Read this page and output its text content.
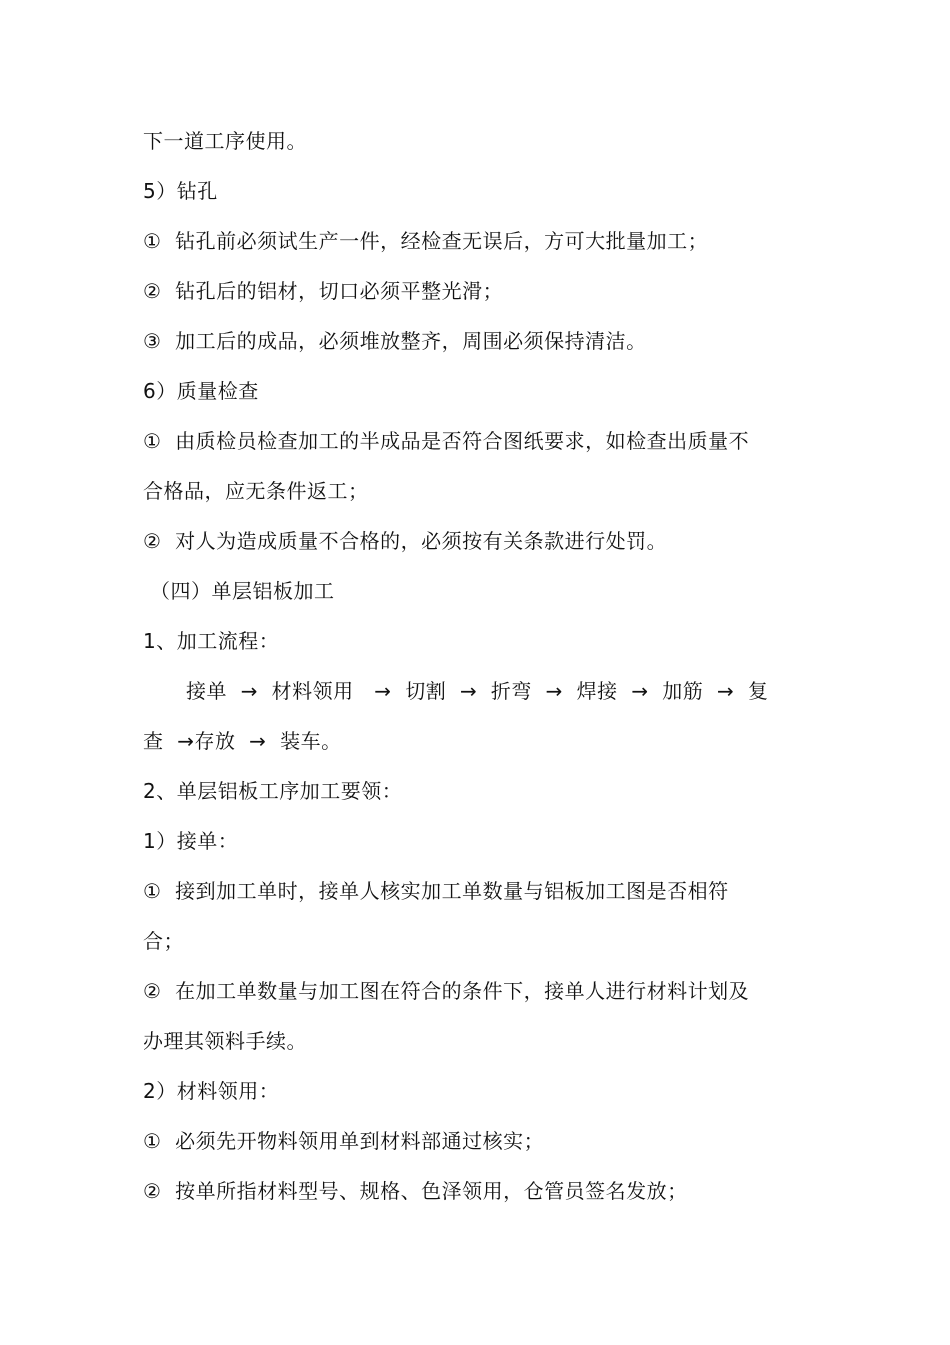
下一道工序使用。
5）钻孔
①  钻孔前必须试生产一件，经检查无误后，方可大批量加工；
②  钻孔后的铝材，切口必须平整光滑；
③  加工后的成品，必须堆放整齐，周围必须保持清洁。
6）质量检查
①  由质检员检查加工的半成品是否符合图纸要求，如检查出质量不
合格品，应无条件返工；
②  对人为造成质量不合格的，必须按有关条款进行处罚。
（四）单层铝板加工
1、加工流程：
接单  →  材料领用   →  切割  →  折弯  →  焊接  →  加筋  →  复
查  →存放  →  装车。
2、单层铝板工序加工要领：
1）接单：
①  接到加工单时，接单人核实加工单数量与铝板加工图是否相符
合；
②  在加工单数量与加工图在符合的条件下，接单人进行材料计划及
办理其领料手续。
2）材料领用：
①  必须先开物料领用单到材料部通过核实；
②  按单所指材料型号、规格、色泽领用，仓管员签名发放；
